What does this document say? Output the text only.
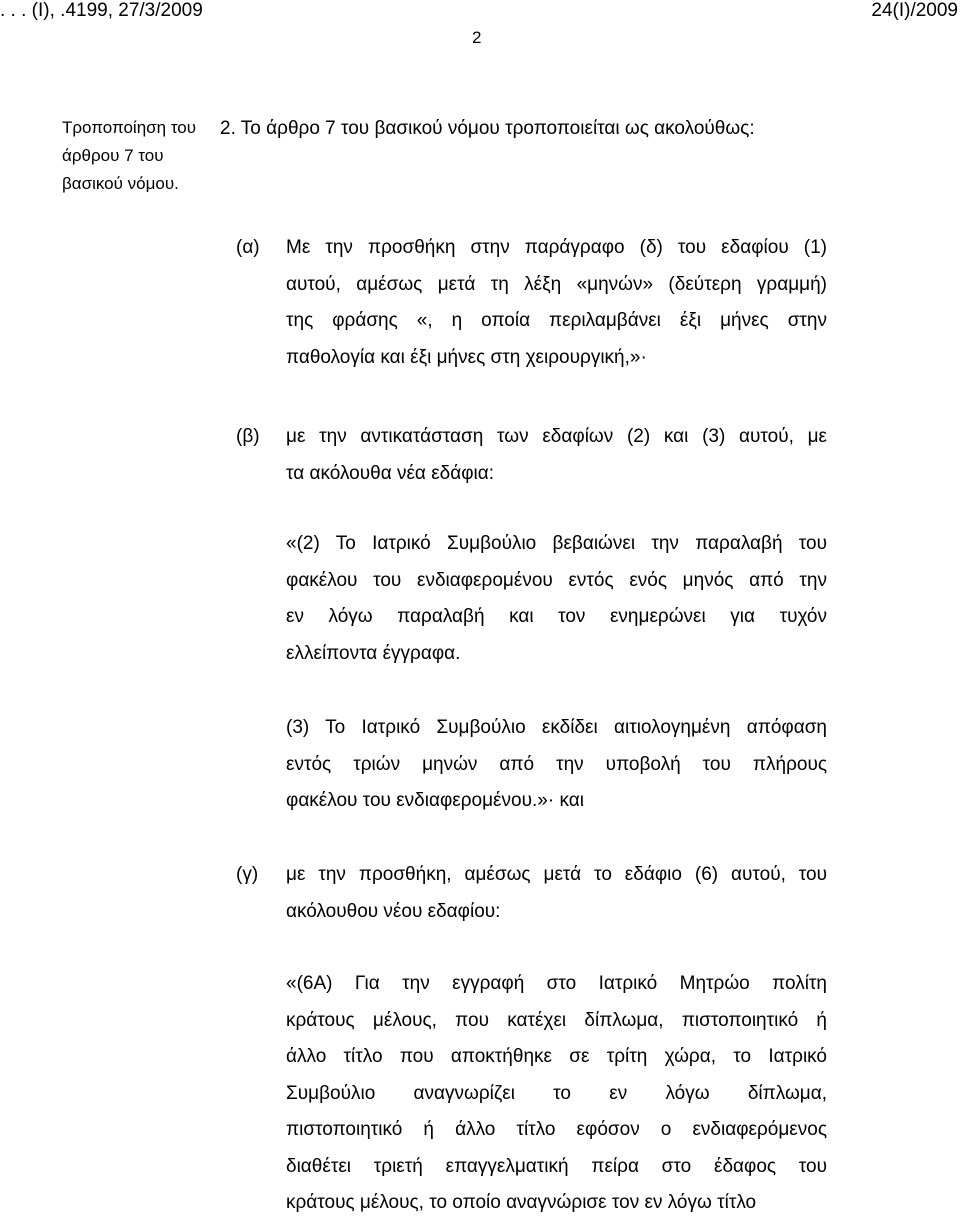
. . . (Ι), .4199, 27/3/2009	24(I)/2009
2
Τροποποίηση του
άρθρου 7 του
βασικού νόμου.
2. Το άρθρο 7 του βασικού νόμου τροποποιείται ως ακολούθως:
(α) Με την προσθήκη στην παράγραφο (δ) του εδαφίου (1)
αυτού, αμέσως μετά τη λέξη «μηνών» (δεύτερη γραμμή)
της φράσης «, η οποία περιλαμβάνει έξι μήνες στην
παθολογία και έξι μήνες στη χειρουργική,»·
(β) με την αντικατάσταση των εδαφίων (2) και (3) αυτού, με
τα ακόλουθα νέα εδάφια:
«(2) Το Ιατρικό Συμβούλιο βεβαιώνει την παραλαβή του
φακέλου του ενδιαφερομένου εντός ενός μηνός από την
εν λόγω παραλαβή και τον ενημερώνει για τυχόν
ελλείποντα έγγραφα.
(3) Το Ιατρικό Συμβούλιο εκδίδει αιτιολογημένη απόφαση
εντός τριών μηνών από την υποβολή του πλήρους
φακέλου του ενδιαφερομένου.»· και
(γ) με την προσθήκη, αμέσως μετά το εδάφιο (6) αυτού, του
ακόλουθου νέου εδαφίου:
«(6Α) Για την εγγραφή στο Ιατρικό Μητρώο πολίτη
κράτους μέλους, που κατέχει δίπλωμα, πιστοποιητικό ή
άλλο τίτλο που αποκτήθηκε σε τρίτη χώρα, το Ιατρικό
Συμβούλιο αναγνωρίζει το εν λόγω δίπλωμα,
πιστοποιητικό ή άλλο τίτλο εφόσον ο ενδιαφερόμενος
διαθέτει τριετή επαγγελματική πείρα στο έδαφος του
κράτους μέλους, το οποίο αναγνώρισε τον εν λόγω τίτλο
